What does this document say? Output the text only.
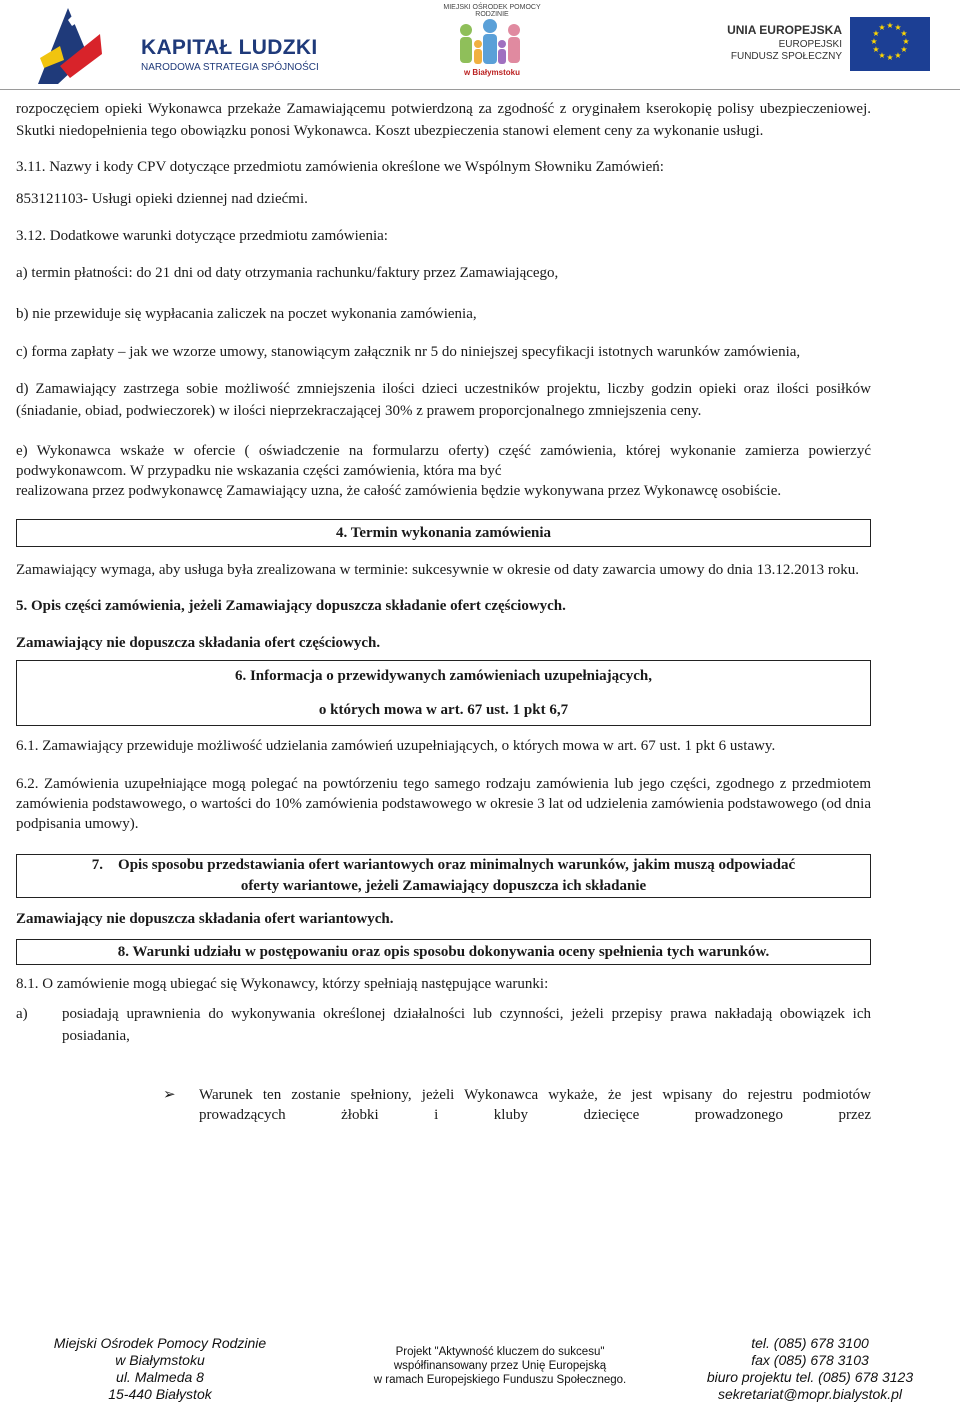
KAPITAŁ LUDZKI
NARODOWA STRATEGIA SPÓJNOŚCI
MIEJSKI OŚRODEK POMOCY RODZINIE
w Białymstoku
UNIA EUROPEJSKA
EUROPEJSKI
FUNDUSZ SPOŁECZNY
★ ★
★
★
★
★
★
★
★
★
★
★

rozpoczęciem opieki Wykonawca przekaże Zamawiającemu potwierdzoną za zgodność z oryginałem kserokopię polisy ubezpieczeniowej. Skutki niedopełnienia tego obowiązku ponosi Wykonawca. Koszt ubezpieczenia stanowi element ceny za wykonanie usługi.

3.11. Nazwy i kody CPV dotyczące przedmiotu zamówienia określone we Wspólnym Słowniku Zamówień:

853121103- Usługi opieki dziennej nad dziećmi.

3.12. Dodatkowe warunki dotyczące przedmiotu zamówienia:

a) termin płatności: do 21 dni od daty otrzymania rachunku/faktury przez Zamawiającego,

b) nie przewiduje się wypłacania zaliczek na poczet wykonania zamówienia,

c) forma zapłaty – jak we wzorze umowy, stanowiącym załącznik nr 5 do niniejszej specyfikacji istotnych warunków zamówienia,

d) Zamawiający zastrzega sobie możliwość zmniejszenia ilości dzieci uczestników projektu, liczby godzin opieki oraz ilości posiłków (śniadanie, obiad, podwieczorek) w ilości nieprzekraczającej 30% z prawem proporcjonalnego zmniejszenia ceny.

e) Wykonawca wskaże w ofercie ( oświadczenie na formularzu oferty) część zamówienia, której wykonanie zamierza powierzyć podwykonawcom. W przypadku nie wskazania części zamówienia, która ma być

realizowana przez podwykonawcę Zamawiający uzna, że całość zamówienia będzie wykonywana przez Wykonawcę osobiście.

4. Termin wykonania zamówienia

Zamawiający wymaga, aby usługa była zrealizowana w terminie: sukcesywnie w okresie od daty zawarcia umowy do dnia 13.12.2013 roku.

5. Opis części zamówienia, jeżeli Zamawiający dopuszcza składanie ofert częściowych.

Zamawiający nie dopuszcza składania ofert częściowych.

6. Informacja o przewidywanych zamówieniach uzupełniających,
o których mowa w art. 67 ust. 1 pkt 6,7

6.1. Zamawiający przewiduje możliwość udzielania zamówień uzupełniających, o których mowa w art. 67 ust. 1 pkt 6 ustawy.

6.2. Zamówienia uzupełniające mogą polegać na powtórzeniu tego samego rodzaju zamówienia lub jego części, zgodnego z przedmiotem zamówienia podstawowego, o wartości do 10% zamówienia podstawowego w okresie 3 lat od udzielenia zamówienia podstawowego (od dnia podpisania umowy).

7. Opis sposobu przedstawiania ofert wariantowych oraz minimalnych warunków, jakim muszą odpowiadać
oferty wariantowe, jeżeli Zamawiający dopuszcza ich składanie

Zamawiający nie dopuszcza składania ofert wariantowych.

8. Warunki udziału w postępowaniu oraz opis sposobu dokonywania oceny spełnienia tych warunków.

8.1. O zamówienie mogą ubiegać się Wykonawcy, którzy spełniają następujące warunki:

a)	posiadają uprawnienia do wykonywania określonej działalności lub czynności, jeżeli przepisy prawa nakładają obowiązek ich posiadania,
➢	Warunek ten zostanie spełniony, jeżeli Wykonawca wykaże, że jest wpisany do rejestru podmiotów prowadzących żłobki i kluby dziecięce prowadzonego przez
Miejski Ośrodek Pomocy Rodzinie
w Białymstoku
ul. Malmeda 8
15-440 Białystok
Projekt "Aktywność kluczem do sukcesu"
współfinansowany przez Unię Europejską
w ramach Europejskiego Funduszu Społecznego.
tel. (085) 678 3100
fax (085) 678 3103
biuro projektu tel. (085) 678 3123
sekretariat@mopr.bialystok.pl
